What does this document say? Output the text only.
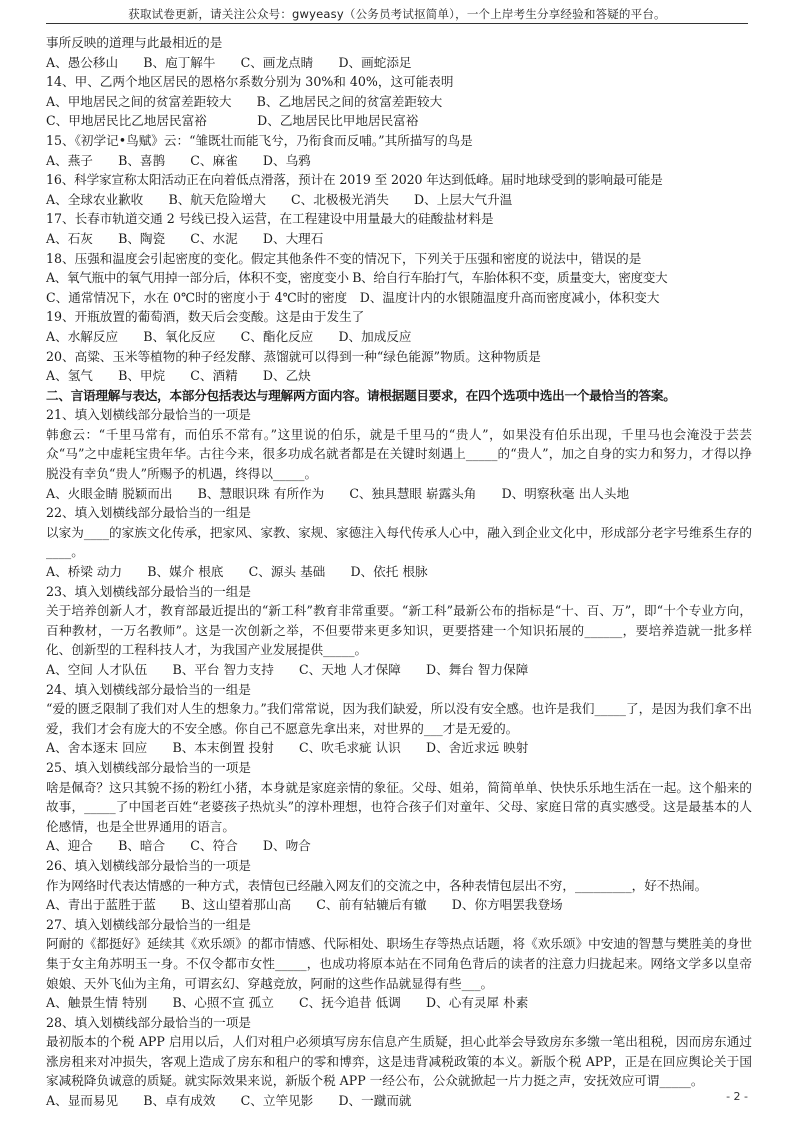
获取试卷更新，请关注公众号：gwyeasy（公务员考试抠简单），一个上岸考生分享经验和答疑的平台。

事所反映的道理与此最相近的是

A、愚公移山　　B、庖丁解牛　　C、画龙点睛　　D、画蛇添足

14、甲、乙两个地区居民的恩格尔系数分别为 30%和 40%，这可能表明

A、甲地居民之间的贫富差距较大　　B、乙地居民之间的贫富差距较大

C、甲地居民比乙地居民富裕　　　　D、乙地居民比甲地居民富裕

15、《初学记•鸟赋》云：“雏既壮而能飞兮，乃衔食而反哺。”其所描写的鸟是

A、燕子　　B、喜鹊　　C、麻雀　　D、乌鸦

16、科学家宣称太阳活动正在向着低点滑落，预计在 2019 至 2020 年达到低峰。届时地球受到的影响最可能是

A、全球农业歉收　　B、航天危险增大　　C、北极极光消失　　D、上层大气升温

17、长春市轨道交通 2 号线已投入运营，在工程建设中用量最大的硅酸盐材料是

A、石灰　　B、陶瓷　　C、水泥　　D、大理石

18、压强和温度会引起密度的变化。假定其他条件不变的情况下，下列关于压强和密度的说法中，错误的是

A、氧气瓶中的氧气用掉一部分后，体积不变，密度变小 B、给自行车胎打气，车胎体积不变，质量变大，密度变大

C、通常情况下，水在 0℃时的密度小于 4℃时的密度　D、温度计内的水银随温度升高而密度减小，体积变大

19、开瓶放置的葡萄酒，数天后会变酸。这是由于发生了

A、水解反应　　B、氧化反应　　C、酯化反应　　D、加成反应

20、高粱、玉米等植物的种子经发酵、蒸馏就可以得到一种“绿色能源”物质。这种物质是

A、氢气　　B、甲烷　　C、酒精　　D、乙炔

二、言语理解与表达，本部分包括表达与理解两方面内容。请根据题目要求，在四个选项中选出一个最恰当的答案。

21、填入划横线部分最恰当的一项是

韩愈云：“千里马常有，而伯乐不常有。”这里说的伯乐，就是千里马的“贵人”，如果没有伯乐出现，千里马也会淹没于芸芸众“马”之中虚耗宝贵年华。古往今来，很多功成名就者都是在关键时刻遇上_____的“贵人”，加之自身的实力和努力，才得以挣脱没有幸负“贵人”所赐予的机遇，终得以_____。

A、火眼金睛 脱颖而出　　B、慧眼识珠 有所作为　　C、独具慧眼 崭露头角　　D、明察秋毫 出人头地

22、填入划横线部分最恰当的一组是

以家为____的家族文化传承，把家风、家教、家规、家德注入每代传承人心中，融入到企业文化中，形成部分老字号维系生存的____。

A、桥梁 动力　　B、媒介 根底　　C、源头 基础　　D、依托 根脉

23、填入划横线部分最恰当的一组是

关于培养创新人才，教育部最近提出的“新工科”教育非常重要。“新工科”最新公布的指标是“十、百、万”，即“十个专业方向，百种教材，一万名教师”。这是一次创新之举，不但要带来更多知识，更要搭建一个知识拓展的______，要培养造就一批多样化、创新型的工程科技人才，为我国产业发展提供_____。

A、空间 人才队伍　　B、平台 智力支持　　C、天地 人才保障　　D、舞台 智力保障

24、填入划横线部分最恰当的一组是

“爱的匮乏限制了我们对人生的想象力。”我们常常说，因为我们缺爱，所以没有安全感。也许是我们_____了，是因为我们拿不出爱，我们才会有庞大的不安全感。你自己不愿意先拿出来，对世界的___才是无爱的。

A、舍本逐末 回应　　B、本末倒置 投射　　C、吹毛求疵 认识　　D、舍近求远 映射

25、填入划横线部分最恰当的一项是

啥是佩奇？这只其貌不扬的粉红小猪，本身就是家庭亲情的象征。父母、姐弟，简简单单、快快乐乐地生活在一起。这个船来的故事，_____了中国老百姓“老婆孩子热炕头”的淳朴理想，也符合孩子们对童年、父母、家庭日常的真实感受。这是最基本的人伦感情，也是全世界通用的语言。

A、迎合　　B、暗合　　C、符合　　D、吻合

26、填入划横线部分最恰当的一项是

作为网络时代表达情感的一种方式，表情包已经融入网友们的交流之中，各种表情包层出不穷，_________，好不热闹。

A、青出于蓝胜于蓝　　B、这山望着那山高　　C、前有轱辘后有辙　　D、你方唱罢我登场

27、填入划横线部分最恰当的一组是

阿耐的《都挺好》延续其《欢乐颂》的都市情感、代际相处、职场生存等热点话题，将《欢乐颂》中安迪的智慧与樊胜美的身世集于女主角苏明玉一身。不仅令都市女性_____，也成功将原本站在不同角色背后的读者的注意力归拢起来。网络文学多以皇帝娘娘、天外飞仙为主角，可谓玄幻、穿越竞放，阿耐的这些作品就显得有些___。

A、触景生情 特别　　B、心照不宣 孤立　　C、抚今追昔 低调　　D、心有灵犀 朴素

28、填入划横线部分最恰当的一项是

最初版本的个税 APP 启用以后，人们对租户必须填写房东信息产生质疑，担心此举会导致房东多缴一笔出租税，因而房东通过涨房租来对冲损失，客观上造成了房东和租户的零和博弈，这是违背减税政策的本义。新版个税 APP，正是在回应舆论关于国家减税降负诚意的质疑。就实际效果来说，新版个税 APP 一经公布，公众就掀起一片力挺之声，安抚效应可谓_____。

A、显而易见　　B、卓有成效　　C、立竿见影　　D、一蹴而就	- 2 -
